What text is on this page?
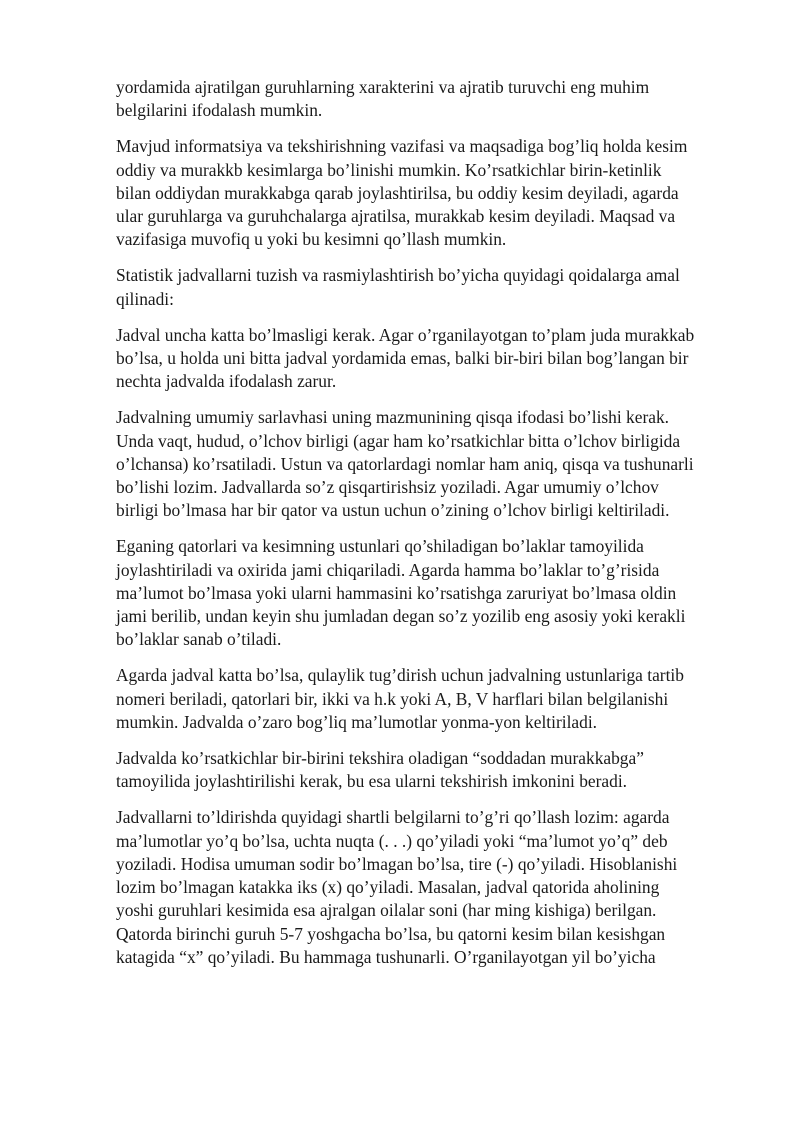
yordamida ajratilgan guruhlarning xarakterini va ajratib turuvchi eng muhim
belgilarini ifodalash mumkin.

Mavjud informatsiya va tekshirishning vazifasi va maqsadiga bog’liq holda kesim
oddiy va murakkb kesimlarga bo’linishi mumkin. Ko’rsatkichlar birin-ketinlik
bilan oddiydan murakkabga qarab joylashtirilsa, bu oddiy kesim deyiladi, agarda
ular guruhlarga va guruhchalarga ajratilsa, murakkab kesim deyiladi. Maqsad va
vazifasiga muvofiq u yoki bu kesimni qo’llash mumkin.

Statistik jadvallarni tuzish va rasmiylashtirish bo’yicha quyidagi qoidalarga amal
qilinadi:

Jadval uncha katta bo’lmasligi kerak. Agar o’rganilayotgan to’plam juda murakkab
bo’lsa, u holda uni bitta jadval yordamida emas, balki bir-biri bilan bog’langan bir
nechta jadvalda ifodalash zarur.

Jadvalning umumiy sarlavhasi uning mazmunining qisqa ifodasi bo’lishi kerak.
Unda vaqt, hudud, o’lchov birligi (agar ham ko’rsatkichlar bitta o’lchov birligida
o’lchansa) ko’rsatiladi. Ustun va qatorlardagi nomlar ham aniq, qisqa va tushunarli
bo’lishi lozim. Jadvallarda so’z qisqartirishsiz yoziladi. Agar umumiy o’lchov
birligi bo’lmasa har bir qator va ustun uchun o’zining o’lchov birligi keltiriladi.

Eganing qatorlari va kesimning ustunlari qo’shiladigan bo’laklar tamoyilida
joylashtiriladi va oxirida jami chiqariladi. Agarda hamma bo’laklar to’g’risida
ma’lumot bo’lmasa yoki ularni hammasini ko’rsatishga zaruriyat bo’lmasa oldin
jami berilib, undan keyin shu jumladan degan so’z yozilib eng asosiy yoki kerakli
bo’laklar sanab o’tiladi.

Agarda jadval katta bo’lsa, qulaylik tug’dirish uchun jadvalning ustunlariga tartib
nomeri beriladi, qatorlari bir, ikki va h.k yoki A, B, V harflari bilan belgilanishi
mumkin. Jadvalda o’zaro bog’liq ma’lumotlar yonma-yon keltiriladi.

Jadvalda ko’rsatkichlar bir-birini tekshira oladigan “soddadan murakkabga”
tamoyilida joylashtirilishi kerak, bu esa ularni tekshirish imkonini beradi.

Jadvallarni to’ldirishda quyidagi shartli belgilarni to’g’ri qo’llash lozim: agarda
ma’lumotlar yo’q bo’lsa, uchta nuqta (. . .) qo’yiladi yoki “ma’lumot yo’q” deb
yoziladi. Hodisa umuman sodir bo’lmagan bo’lsa, tire (-) qo’yiladi. Hisoblanishi
lozim bo’lmagan katakka iks (x) qo’yiladi. Masalan, jadval qatorida aholining
yoshi guruhlari kesimida esa ajralgan oilalar soni (har ming kishiga) berilgan.
Qatorda birinchi guruh 5-7 yoshgacha bo’lsa, bu qatorni kesim bilan kesishgan
katagida “x” qo’yiladi. Bu hammaga tushunarli. O’rganilayotgan yil bo’yicha
